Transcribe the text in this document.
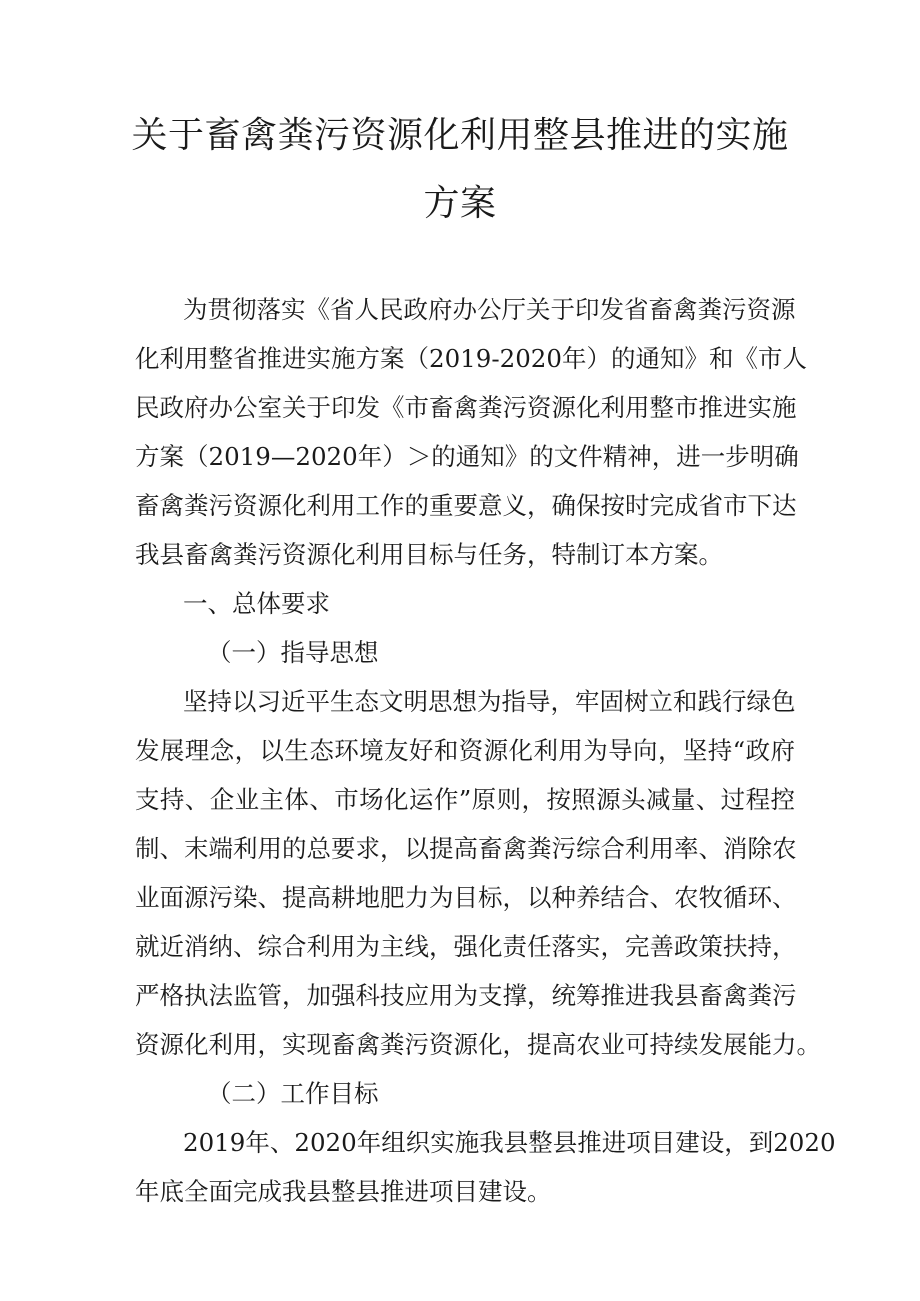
关于畜禽粪污资源化利用整县推进的实施
方案
为贯彻落实《省人民政府办公厅关于印发省畜禽粪污资源
化利用整省推进实施方案（2019-2020年）的通知》和《市人
民政府办公室关于印发《市畜禽粪污资源化利用整市推进实施
方案（2019—2020年）＞的通知》的文件精神，进一步明确
畜禽粪污资源化利用工作的重要意义，确保按时完成省市下达
我县畜禽粪污资源化利用目标与任务，特制订本方案。
一、总体要求
（一）指导思想
坚持以习近平生态文明思想为指导，牢固树立和践行绿色
发展理念，以生态环境友好和资源化利用为导向，坚持“政府
支持、企业主体、市场化运作”原则，按照源头减量、过程控
制、末端利用的总要求，以提高畜禽粪污综合利用率、消除农
业面源污染、提高耕地肥力为目标，以种养结合、农牧循环、
就近消纳、综合利用为主线，强化责任落实，完善政策扶持，
严格执法监管，加强科技应用为支撑，统筹推进我县畜禽粪污
资源化利用，实现畜禽粪污资源化，提高农业可持续发展能力。
（二）工作目标
2019年、2020年组织实施我县整县推进项目建设，到2020
年底全面完成我县整县推进项目建设。
